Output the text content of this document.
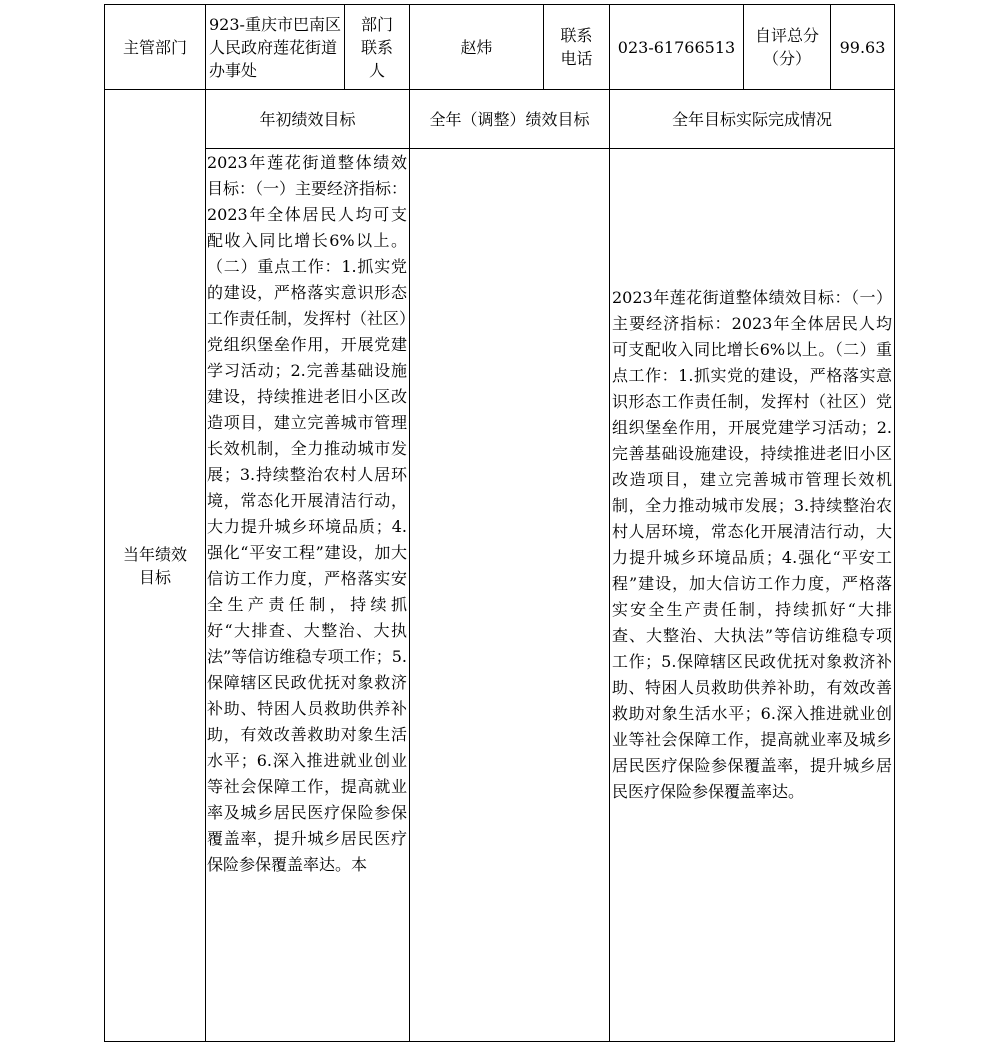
主管部门
923-重庆市巴南区人民政府莲花街道办事处
部门联系人
赵炜
联系电话
023-61766513
自评总分（分）
99.63
当年绩效目标
年初绩效目标	全年（调整）绩效目标	全年目标实际完成情况
2023年莲花街道整体绩效目标：（一）主要经济指标：2023年全体居民人均可支配收入同比增长6%以上。（二）重点工作：1.抓实党的建设，严格落实意识形态工作责任制，发挥村（社区）党组织堡垒作用，开展党建学习活动；2.完善基础设施建设，持续推进老旧小区改造项目，建立完善城市管理长效机制，全力推动城市发展；3.持续整治农村人居环境，常态化开展清洁行动，大力提升城乡环境品质；4.强化“平安工程”建设，加大信访工作力度，严格落实安全生产责任制，持续抓好“大排查、大整治、大执法”等信访维稳专项工作；5.保障辖区民政优抚对象救济补助、特困人员救助供养补助，有效改善救助对象生活水平；6.深入推进就业创业等社会保障工作，提高就业率及城乡居民医疗保险参保覆盖率，提升城乡居民医疗保险参保覆盖率达。本
2023年莲花街道整体绩效目标：（一）主要经济指标：2023年全体居民人均可支配收入同比增长6%以上。（二）重点工作：1.抓实党的建设，严格落实意识形态工作责任制，发挥村（社区）党组织堡垒作用，开展党建学习活动；2.完善基础设施建设，持续推进老旧小区改造项目，建立完善城市管理长效机制，全力推动城市发展；3.持续整治农村人居环境，常态化开展清洁行动，大力提升城乡环境品质；4.强化“平安工程”建设，加大信访工作力度，严格落实安全生产责任制，持续抓好“大排查、大整治、大执法”等信访维稳专项工作；5.保障辖区民政优抚对象救济补助、特困人员救助供养补助，有效改善救助对象生活水平；6.深入推进就业创业等社会保障工作，提高就业率及城乡居民医疗保险参保覆盖率，提升城乡居民医疗保险参保覆盖率达。
